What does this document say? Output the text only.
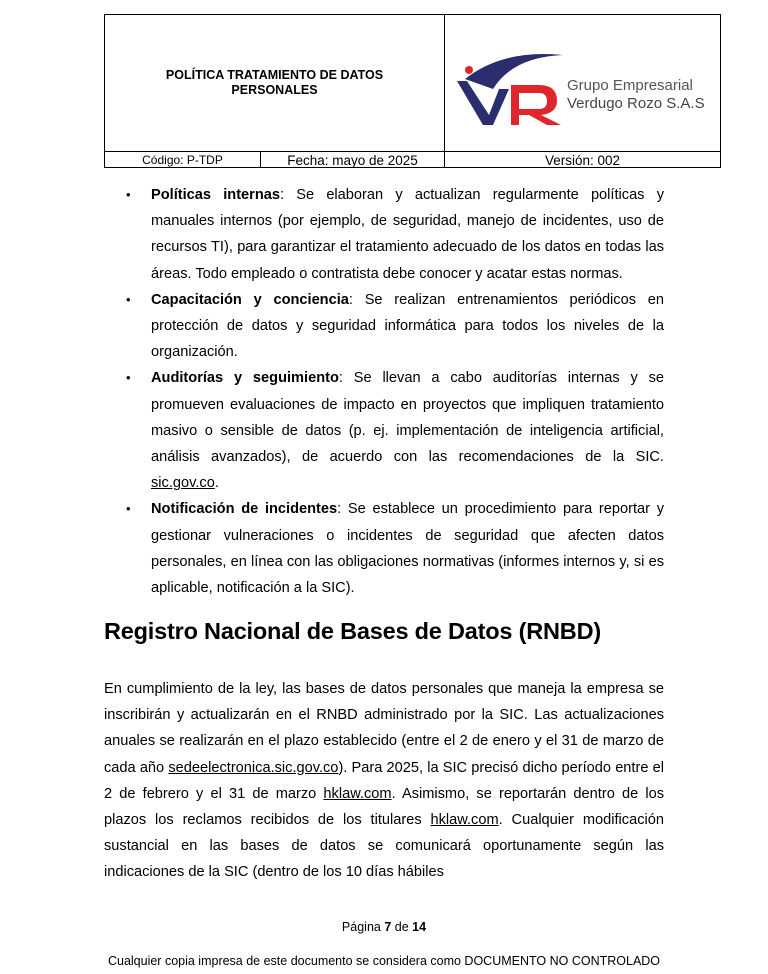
POLÍTICA TRATAMIENTO DE DATOS PERSONALES	Grupo Empresarial
Verdugo Rozo S.A.S
Código: P-TDP	Fecha: mayo de 2025	Versión: 002
• Políticas internas: Se elaboran y actualizan regularmente políticas y manuales internos (por ejemplo, de seguridad, manejo de incidentes, uso de recursos TI), para garantizar el tratamiento adecuado de los datos en todas las áreas. Todo empleado o contratista debe conocer y acatar estas normas.
• Capacitación y conciencia: Se realizan entrenamientos periódicos en protección de datos y seguridad informática para todos los niveles de la organización.
• Auditorías y seguimiento: Se llevan a cabo auditorías internas y se promueven evaluaciones de impacto en proyectos que impliquen tratamiento masivo o sensible de datos (p. ej. implementación de inteligencia artificial, análisis avanzados), de acuerdo con las recomendaciones de la SIC. sic.gov.co.
• Notificación de incidentes: Se establece un procedimiento para reportar y gestionar vulneraciones o incidentes de seguridad que afecten datos personales, en línea con las obligaciones normativas (informes internos y, si es aplicable, notificación a la SIC).
Registro Nacional de Bases de Datos (RNBD)

En cumplimiento de la ley, las bases de datos personales que maneja la empresa se inscribirán y actualizarán en el RNBD administrado por la SIC. Las actualizaciones anuales se realizarán en el plazo establecido (entre el 2 de enero y el 31 de marzo de cada año sedeelectronica.sic.gov.co). Para 2025, la SIC precisó dicho período entre el 2 de febrero y el 31 de marzo hklaw.com. Asimismo, se reportarán dentro de los plazos los reclamos recibidos de los titulares hklaw.com. Cualquier modificación sustancial en las bases de datos se comunicará oportunamente según las indicaciones de la SIC (dentro de los 10 días hábiles

Página 7 de 14
Cualquier copia impresa de este documento se considera como DOCUMENTO NO CONTROLADO
